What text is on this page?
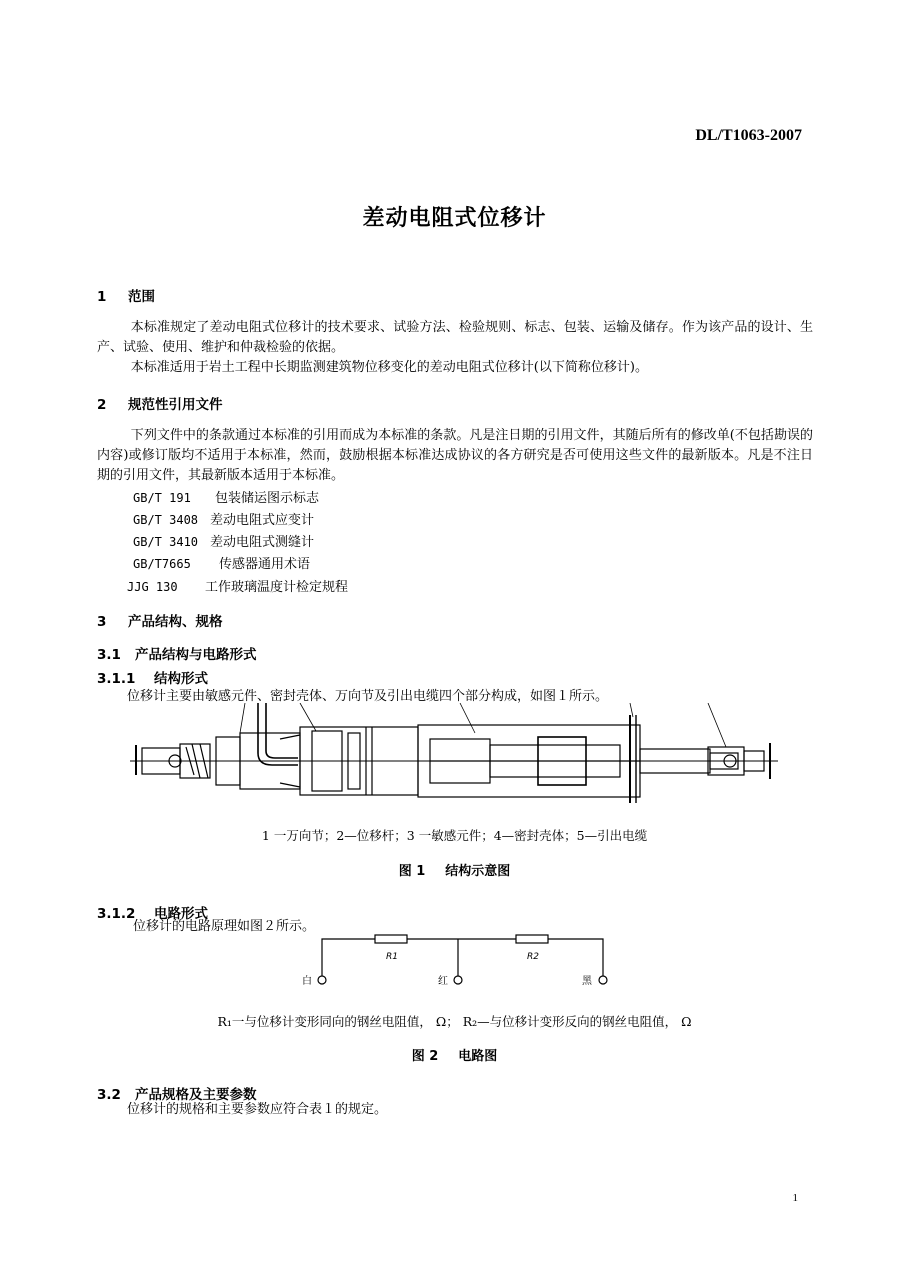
DL/T1063-2007
差动电阻式位移计
1 范围
本标准规定了差动电阻式位移计的技术要求、试验方法、检验规则、标志、包装、运输及储存。作为该产品的设计、生产、试验、使用、维护和仲裁检验的依据。
本标准适用于岩土工程中长期监测建筑物位移变化的差动电阻式位移计(以下简称位移计)。
2 规范性引用文件
下列文件中的条款通过本标准的引用而成为本标准的条款。凡是注日期的引用文件，其随后所有的修改单(不包括勘误的内容)或修订版均不适用于本标准，然而，鼓励根据本标准达成协议的各方研究是否可使用这些文件的最新版本。凡是不注日期的引用文件，其最新版本适用于本标准。
GB/T 191 包装储运图示标志
GB/T 3408 差动电阻式应变计
GB/T 3410 差动电阻式测缝计
GB/T7665 传感器通用术语
JJG 130 工作玻璃温度计检定规程
3 产品结构、规格
3.1 产品结构与电路形式
3.1.1 结构形式
位移计主要由敏感元件、密封壳体、万向节及引出电缆四个部分构成，如图１所示。
1 一万向节；2—位移杆；3 一敏感元件；4—密封壳体；5—引出电缆
图 1 结构示意图
3.1.2 电路形式
位移计的电路原理如图２所示。
R1	R2
白	红	黑
R₁一与位移计变形同向的钢丝电阻值， Ω； R₂—与位移计变形反向的钢丝电阻值， Ω
图 2 电路图
3.2 产品规格及主要参数
位移计的规格和主要参数应符合表１的规定。
1
